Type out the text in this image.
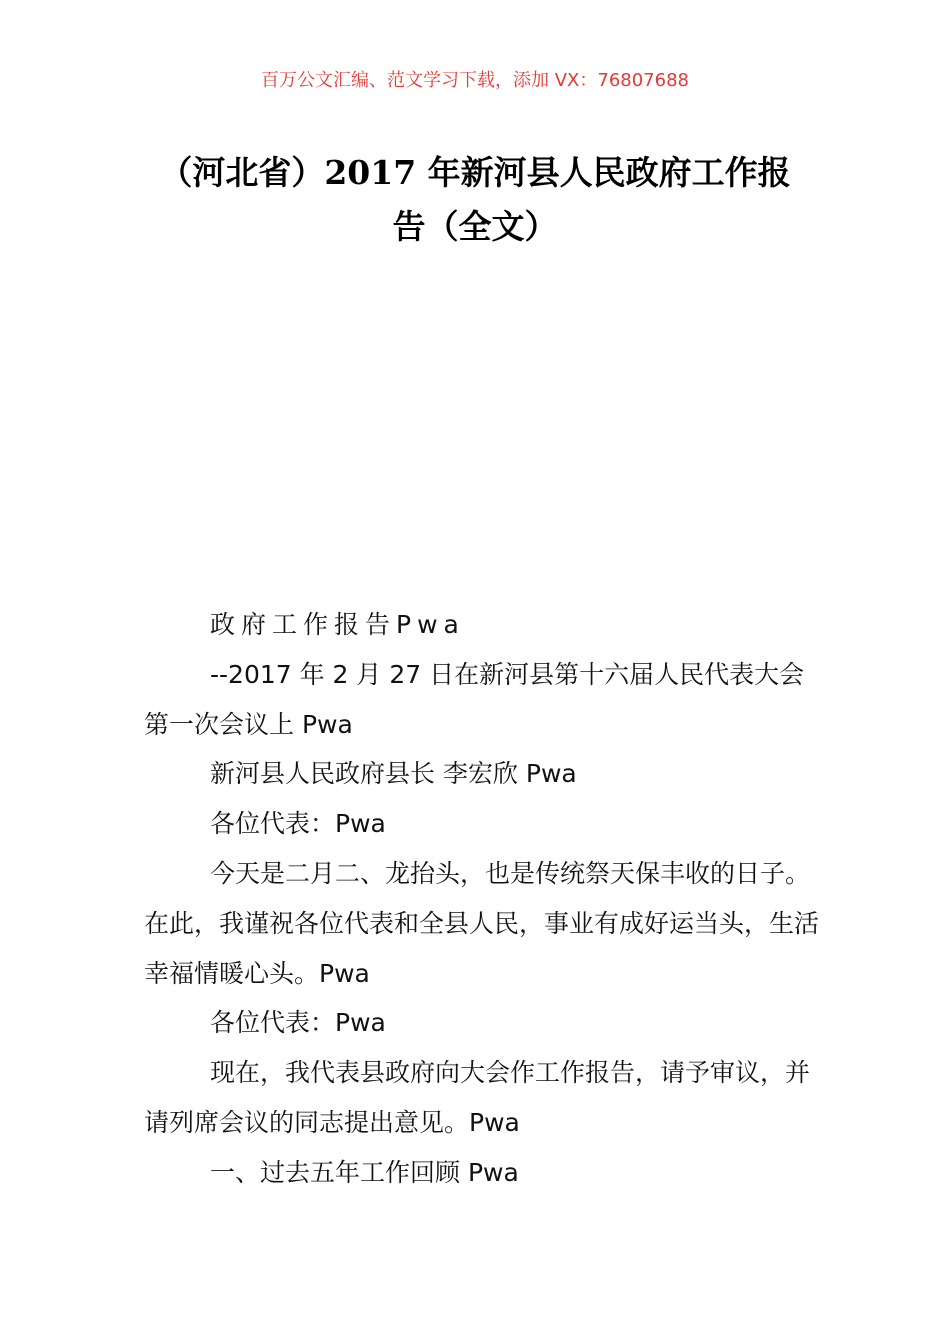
百万公文汇编、范文学习下载，添加 VX：76807688
（河北省）2017 年新河县人民政府工作报
告（全文）

政府工作报告Pwa

--2017 年 2 月 27 日在新河县第十六届人民代表大会第一次会议上 Pwa

新河县人民政府县长 李宏欣 Pwa

各位代表：Pwa

今天是二月二、龙抬头，也是传统祭天保丰收的日子。在此，我谨祝各位代表和全县人民，事业有成好运当头，生活幸福情暖心头。Pwa

各位代表：Pwa

现在，我代表县政府向大会作工作报告，请予审议，并请列席会议的同志提出意见。Pwa

一、过去五年工作回顾 Pwa
